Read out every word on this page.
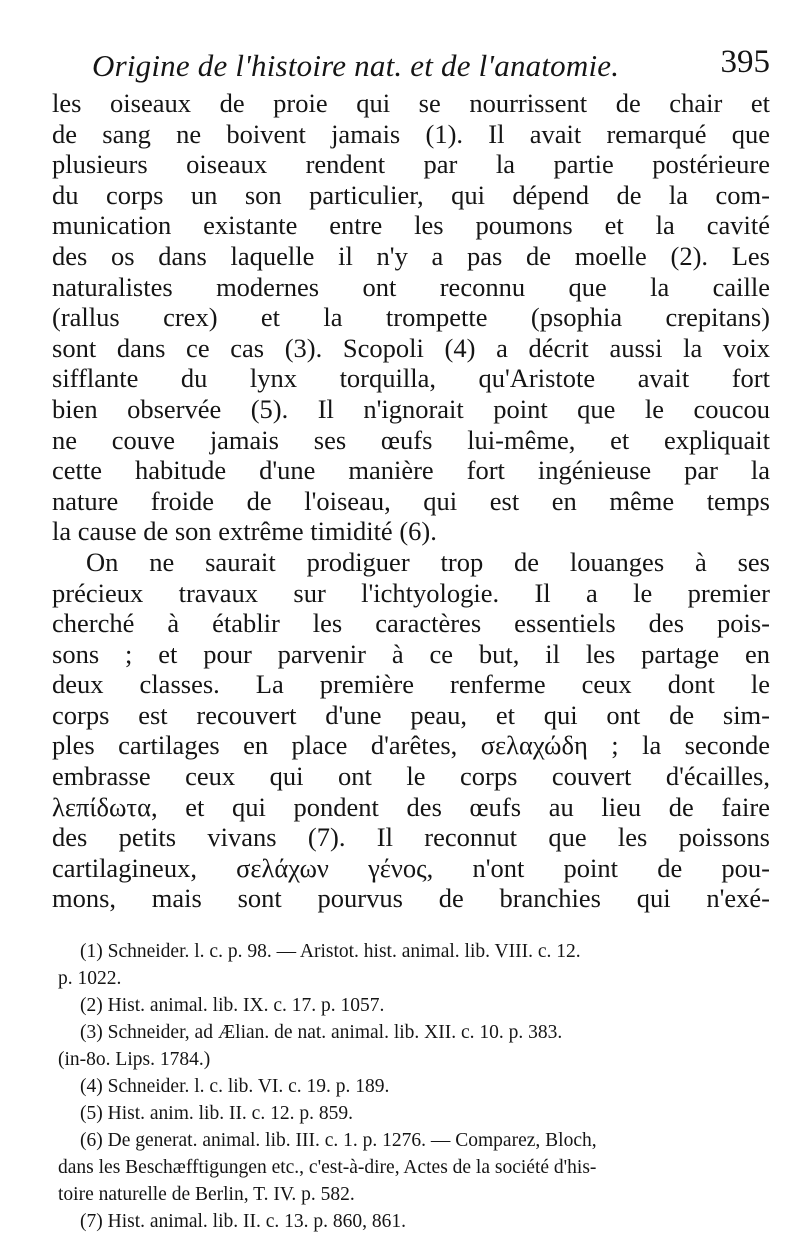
Origine de l'histoire nat. et de l'anatomie.	395
les oiseaux de proie qui se nourrissent de chair et
de sang ne boivent jamais (1). Il avait remarqué que
plusieurs oiseaux rendent par la partie postérieure
du corps un son particulier, qui dépend de la com-
munication existante entre les poumons et la cavité
des os dans laquelle il n'y a pas de moelle (2). Les
naturalistes modernes ont reconnu que la caille
(rallus crex) et la trompette (psophia crepitans)
sont dans ce cas (3). Scopoli (4) a décrit aussi la voix
sifflante du lynx torquilla, qu'Aristote avait fort
bien observée (5). Il n'ignorait point que le coucou
ne couve jamais ses œufs lui-même, et expliquait
cette habitude d'une manière fort ingénieuse par la
nature froide de l'oiseau, qui est en même temps
la cause de son extrême timidité (6).
On ne saurait prodiguer trop de louanges à ses
précieux travaux sur l'ichtyologie. Il a le premier
cherché à établir les caractères essentiels des pois-
sons ; et pour parvenir à ce but, il les partage en
deux classes. La première renferme ceux dont le
corps est recouvert d'une peau, et qui ont de sim-
ples cartilages en place d'arêtes, σελαχώδη ; la seconde
embrasse ceux qui ont le corps couvert d'écailles,
λεπίδωτα, et qui pondent des œufs au lieu de faire
des petits vivans (7). Il reconnut que les poissons
cartilagineux, σελάχων γένος, n'ont point de pou-
mons, mais sont pourvus de branchies qui n'exé-
(1) Schneider. l. c. p. 98. — Aristot. hist. animal. lib. VIII. c. 12.
p. 1022.
(2) Hist. animal. lib. IX. c. 17. p. 1057.
(3) Schneider, ad Ælian. de nat. animal. lib. XII. c. 10. p. 383.
(in-8o. Lips. 1784.)
(4) Schneider. l. c. lib. VI. c. 19. p. 189.
(5) Hist. anim. lib. II. c. 12. p. 859.
(6) De generat. animal. lib. III. c. 1. p. 1276. — Comparez, Bloch,
dans les Beschæfftigungen etc., c'est-à-dire, Actes de la société d'his-
toire naturelle de Berlin, T. IV. p. 582.
(7) Hist. animal. lib. II. c. 13. p. 860, 861.
